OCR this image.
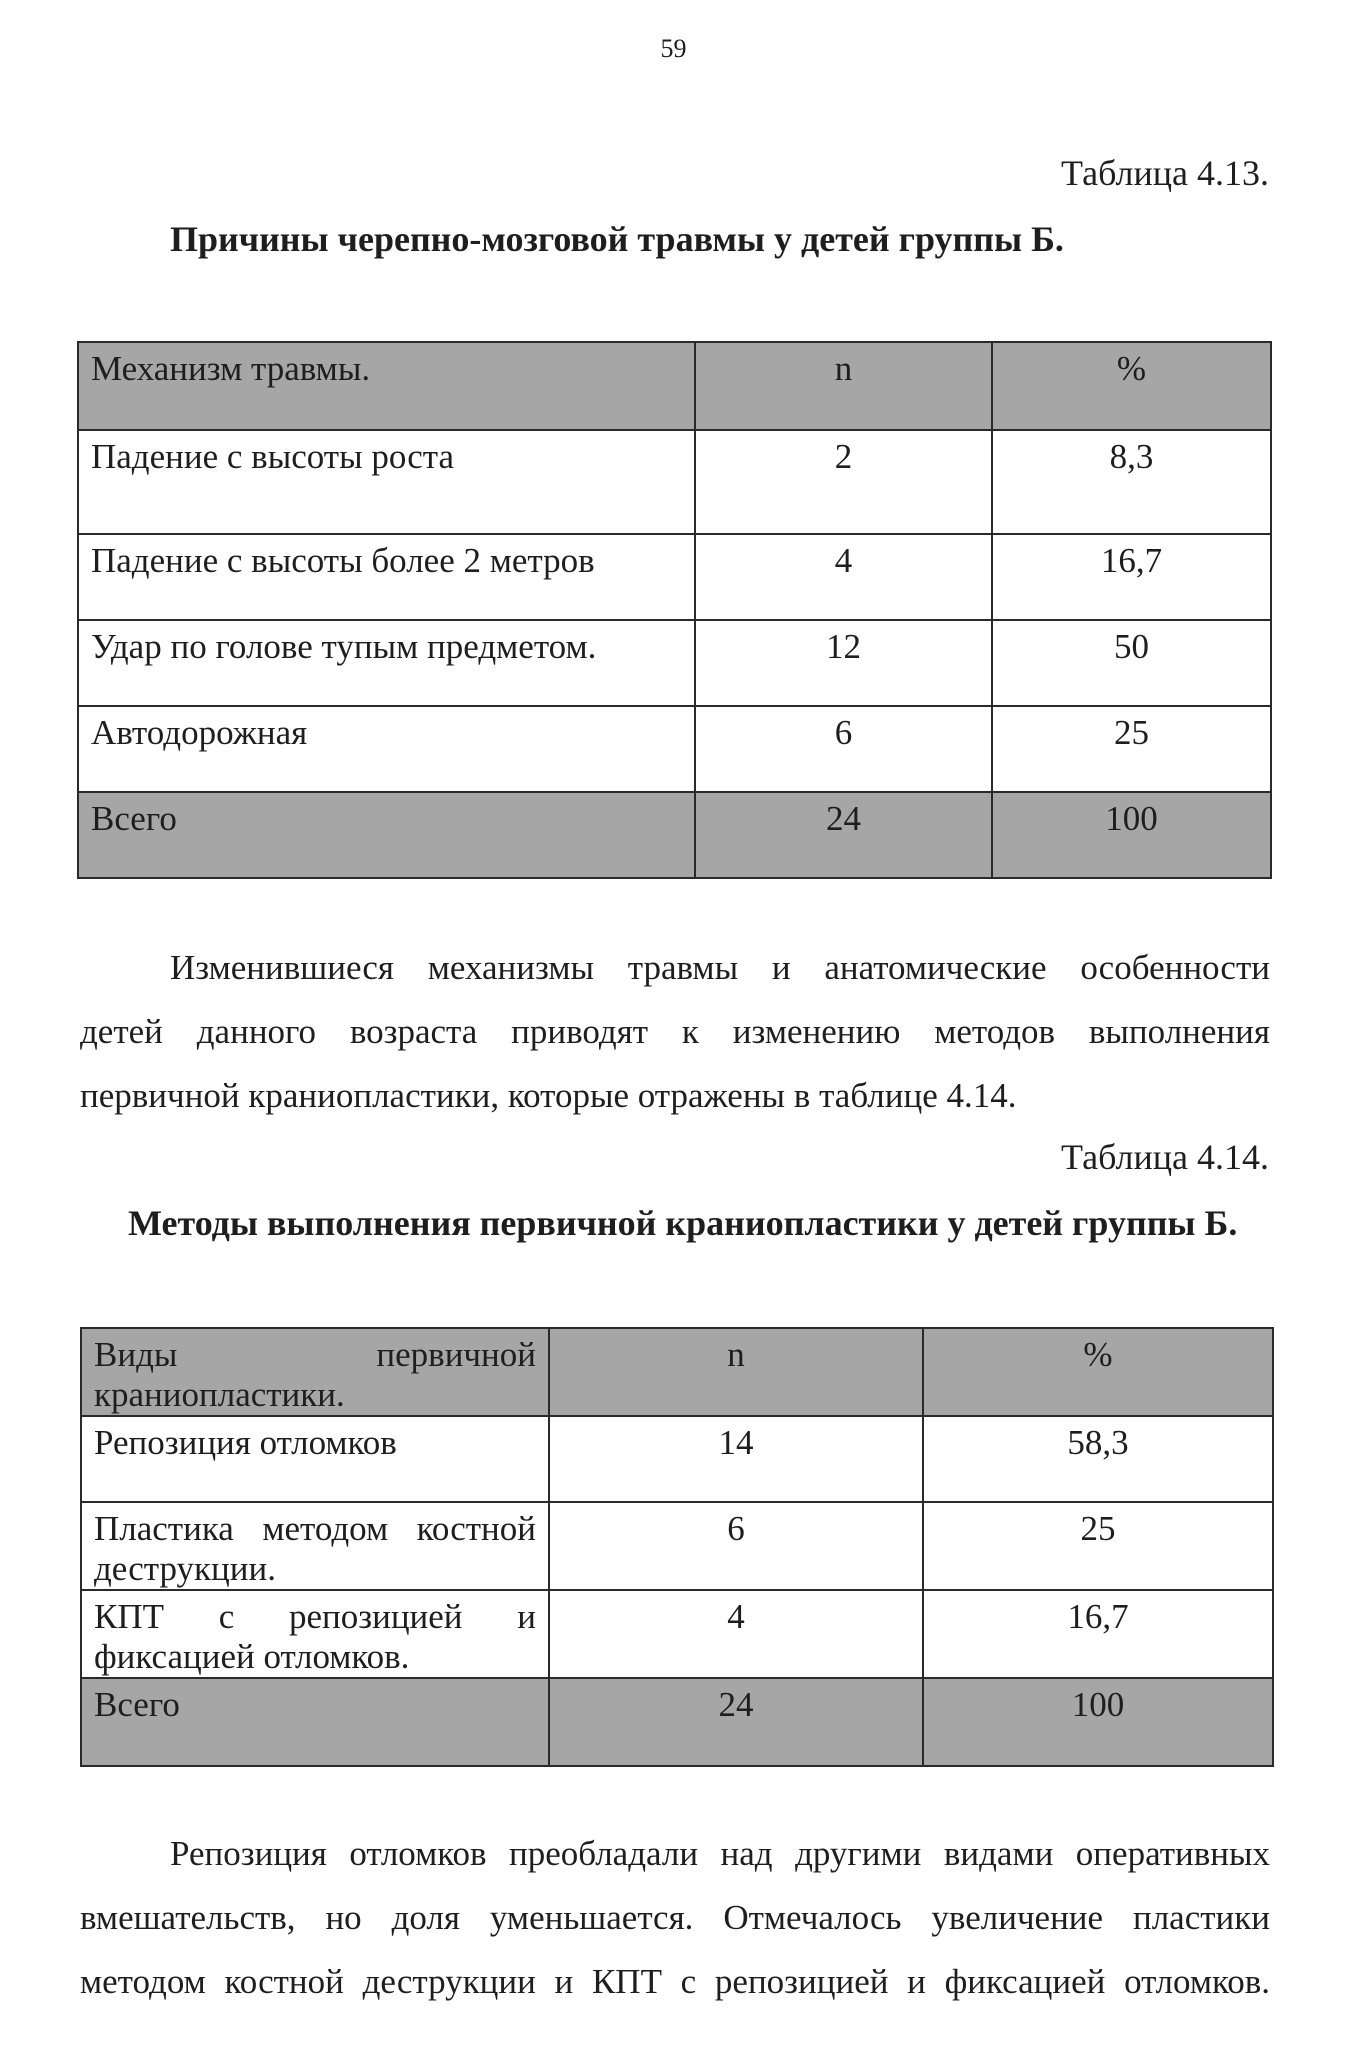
59
Таблица 4.13.
Причины черепно-мозговой травмы у детей группы Б.
Механизм травмы.	n	%
Падение с высоты роста	2	8,3
Падение с высоты более 2 метров	4	16,7
Удар по голове тупым предметом.	12	50
Автодорожная	6	25
Всего	24	100
Изменившиеся механизмы травмы и анатомические особенности
детей данного возраста приводят к изменению методов выполнения
первичной краниопластики, которые отражены в таблице 4.14.
Таблица 4.14.
Методы выполнения первичной краниопластики у детей группы Б.
Виды первичной краниопластики.	n	%
Репозиция отломков	14	58,3
Пластика методом костной деструкции.	6	25
КПТ с репозицией и фиксацией отломков.	4	16,7
Всего	24	100
Репозиция отломков преобладали над другими видами оперативных
вмешательств, но доля уменьшается. Отмечалось увеличение пластики
методом костной деструкции и КПТ с репозицией и фиксацией отломков.
